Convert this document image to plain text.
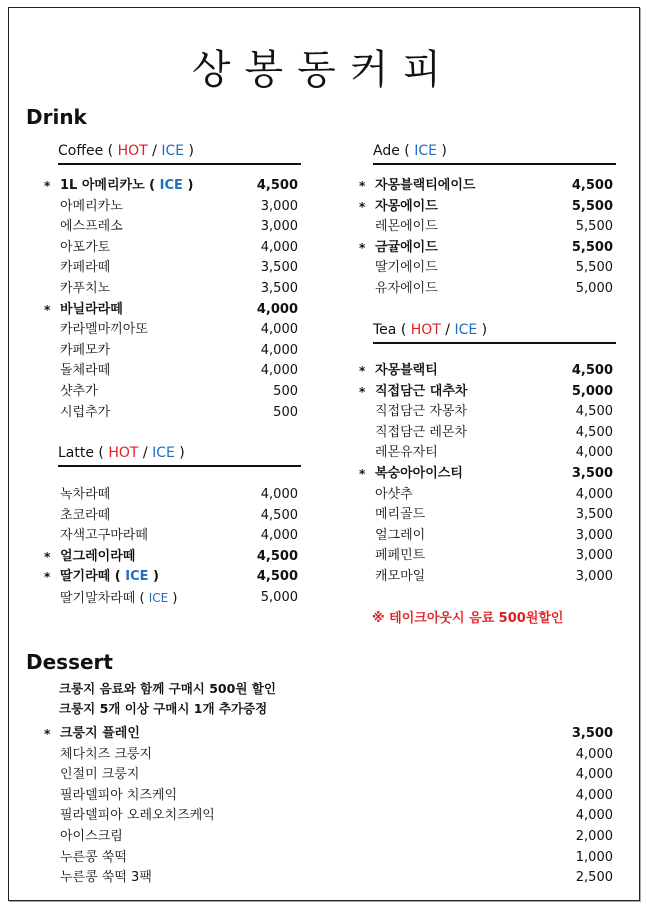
상봉동커피
Drink
Dessert
Coffee ( HOT / ICE )
Latte ( HOT / ICE )
Ade ( ICE )
Tea ( HOT / ICE )
* 1L 아메리카노 ( ICE )	4,500
아메리카노	3,000
에스프레소	3,000
아포가토	4,000
카페라떼	3,500
카푸치노	3,500
* 바닐라라떼	4,000
카라멜마끼아또	4,000
카페모카	4,000
돌체라떼	4,000
샷추가	500
시럽추가	500
녹차라떼	4,000
초코라떼	4,500
자색고구마라떼	4,000
* 얼그레이라떼	4,500
* 딸기라떼 ( ICE )	4,500
딸기말차라떼 ( ICE )	5,000
* 자몽블랙티에이드	4,500
* 자몽에이드	5,500
레몬에이드	5,500
* 금귤에이드	5,500
딸기에이드	5,500
유자에이드	5,000
* 자몽블랙티	4,500
* 직접담근 대추차	5,000
직접담근 자몽차	4,500
직접담근 레몬차	4,500
레몬유자티	4,000
* 복숭아아이스티	3,500
아샷추	4,000
메리골드	3,500
얼그레이	3,000
페페민트	3,000
캐모마일	3,000
* 크룽지 플레인	3,500
체다치즈 크룽지	4,000
인절미 크룽지	4,000
필라델피아 치즈케익	4,000
필라델피아 오레오치즈케익	4,000
아이스크림	2,000
누른콩 쑥떡	1,000
누른콩 쑥떡 3팩	2,500
※ 테이크아웃시 음료 500원할인
크룽지 음료와 함께 구매시 500원 할인
크룽지 5개 이상 구매시 1개 추가증정
